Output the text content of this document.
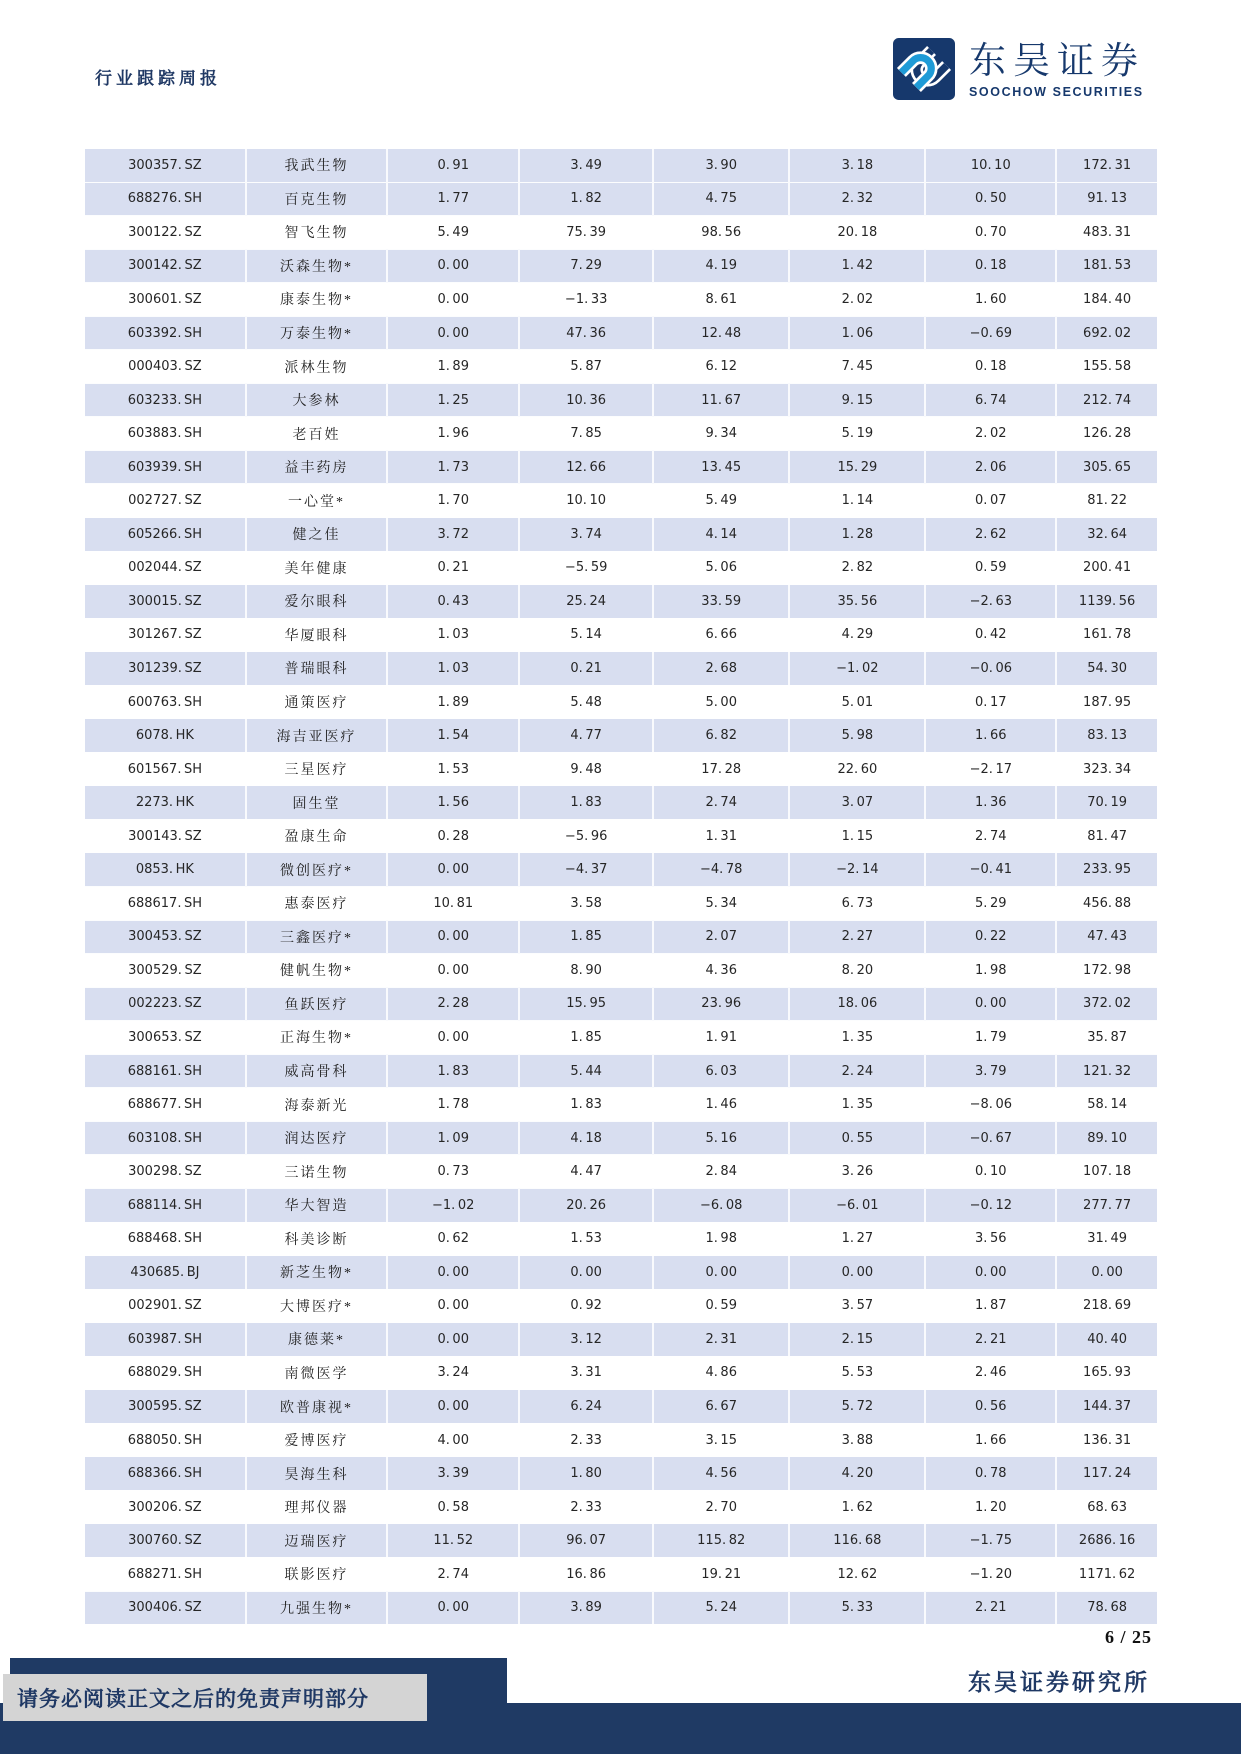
行业跟踪周报	东吴证券
SOOCHOW SECURITIES
300357. SZ	我武生物	0. 91	3. 49	3. 90	3. 18	10. 10	172. 31
688276. SH	百克生物	1. 77	1. 82	4. 75	2. 32	0. 50	91. 13
300122. SZ	智飞生物	5. 49	75. 39	98. 56	20. 18	0. 70	483. 31
300142. SZ	沃森生物*	0. 00	7. 29	4. 19	1. 42	0. 18	181. 53
300601. SZ	康泰生物*	0. 00	−1. 33	8. 61	2. 02	1. 60	184. 40
603392. SH	万泰生物*	0. 00	47. 36	12. 48	1. 06	−0. 69	692. 02
000403. SZ	派林生物	1. 89	5. 87	6. 12	7. 45	0. 18	155. 58
603233. SH	大参林	1. 25	10. 36	11. 67	9. 15	6. 74	212. 74
603883. SH	老百姓	1. 96	7. 85	9. 34	5. 19	2. 02	126. 28
603939. SH	益丰药房	1. 73	12. 66	13. 45	15. 29	2. 06	305. 65
002727. SZ	一心堂*	1. 70	10. 10	5. 49	1. 14	0. 07	81. 22
605266. SH	健之佳	3. 72	3. 74	4. 14	1. 28	2. 62	32. 64
002044. SZ	美年健康	0. 21	−5. 59	5. 06	2. 82	0. 59	200. 41
300015. SZ	爱尔眼科	0. 43	25. 24	33. 59	35. 56	−2. 63	1139. 56
301267. SZ	华厦眼科	1. 03	5. 14	6. 66	4. 29	0. 42	161. 78
301239. SZ	普瑞眼科	1. 03	0. 21	2. 68	−1. 02	−0. 06	54. 30
600763. SH	通策医疗	1. 89	5. 48	5. 00	5. 01	0. 17	187. 95
6078. HK	海吉亚医疗	1. 54	4. 77	6. 82	5. 98	1. 66	83. 13
601567. SH	三星医疗	1. 53	9. 48	17. 28	22. 60	−2. 17	323. 34
2273. HK	固生堂	1. 56	1. 83	2. 74	3. 07	1. 36	70. 19
300143. SZ	盈康生命	0. 28	−5. 96	1. 31	1. 15	2. 74	81. 47
0853. HK	微创医疗*	0. 00	−4. 37	−4. 78	−2. 14	−0. 41	233. 95
688617. SH	惠泰医疗	10. 81	3. 58	5. 34	6. 73	5. 29	456. 88
300453. SZ	三鑫医疗*	0. 00	1. 85	2. 07	2. 27	0. 22	47. 43
300529. SZ	健帆生物*	0. 00	8. 90	4. 36	8. 20	1. 98	172. 98
002223. SZ	鱼跃医疗	2. 28	15. 95	23. 96	18. 06	0. 00	372. 02
300653. SZ	正海生物*	0. 00	1. 85	1. 91	1. 35	1. 79	35. 87
688161. SH	威高骨科	1. 83	5. 44	6. 03	2. 24	3. 79	121. 32
688677. SH	海泰新光	1. 78	1. 83	1. 46	1. 35	−8. 06	58. 14
603108. SH	润达医疗	1. 09	4. 18	5. 16	0. 55	−0. 67	89. 10
300298. SZ	三诺生物	0. 73	4. 47	2. 84	3. 26	0. 10	107. 18
688114. SH	华大智造	−1. 02	20. 26	−6. 08	−6. 01	−0. 12	277. 77
688468. SH	科美诊断	0. 62	1. 53	1. 98	1. 27	3. 56	31. 49
430685. BJ	新芝生物*	0. 00	0. 00	0. 00	0. 00	0. 00	0. 00
002901. SZ	大博医疗*	0. 00	0. 92	0. 59	3. 57	1. 87	218. 69
603987. SH	康德莱*	0. 00	3. 12	2. 31	2. 15	2. 21	40. 40
688029. SH	南微医学	3. 24	3. 31	4. 86	5. 53	2. 46	165. 93
300595. SZ	欧普康视*	0. 00	6. 24	6. 67	5. 72	0. 56	144. 37
688050. SH	爱博医疗	4. 00	2. 33	3. 15	3. 88	1. 66	136. 31
688366. SH	昊海生科	3. 39	1. 80	4. 56	4. 20	0. 78	117. 24
300206. SZ	理邦仪器	0. 58	2. 33	2. 70	1. 62	1. 20	68. 63
300760. SZ	迈瑞医疗	11. 52	96. 07	115. 82	116. 68	−1. 75	2686. 16
688271. SH	联影医疗	2. 74	16. 86	19. 21	12. 62	−1. 20	1171. 62
300406. SZ	九强生物*	0. 00	3. 89	5. 24	5. 33	2. 21	78. 68
6 / 25
东吴证券研究所
请务必阅读正文之后的免责声明部分
